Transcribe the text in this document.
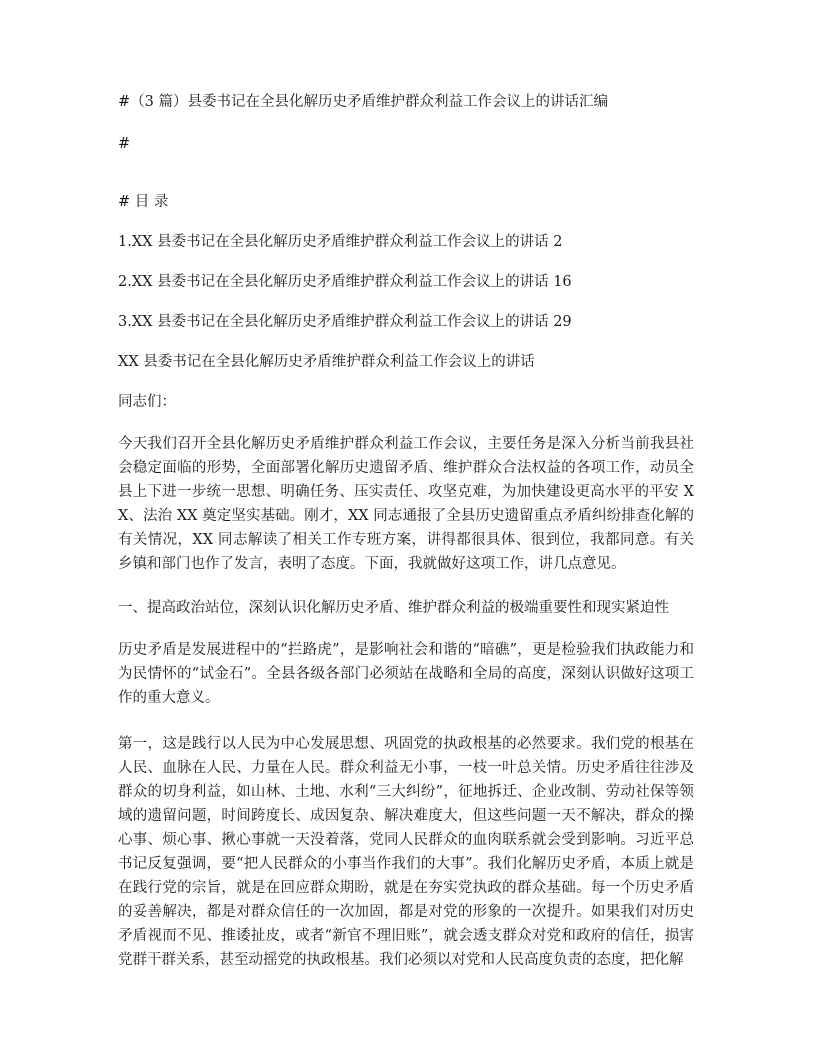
#（3 篇）县委书记在全县化解历史矛盾维护群众利益工作会议上的讲话汇编

#

# 目 录

1.XX 县委书记在全县化解历史矛盾维护群众利益工作会议上的讲话 2

2.XX 县委书记在全县化解历史矛盾维护群众利益工作会议上的讲话 16

3.XX 县委书记在全县化解历史矛盾维护群众利益工作会议上的讲话 29

XX 县委书记在全县化解历史矛盾维护群众利益工作会议上的讲话

同志们：

今天我们召开全县化解历史矛盾维护群众利益工作会议，主要任务是深入分析当前我县社会稳定面临的形势，全面部署化解历史遗留矛盾、维护群众合法权益的各项工作，动员全县上下进一步统一思想、明确任务、压实责任、攻坚克难，为加快建设更高水平的平安 XX、法治 XX 奠定坚实基础。刚才，XX 同志通报了全县历史遗留重点矛盾纠纷排查化解的有关情况，XX 同志解读了相关工作专班方案，讲得都很具体、很到位，我都同意。有关乡镇和部门也作了发言，表明了态度。下面，我就做好这项工作，讲几点意见。

一、提高政治站位，深刻认识化解历史矛盾、维护群众利益的极端重要性和现实紧迫性

历史矛盾是发展进程中的“拦路虎”，是影响社会和谐的“暗礁”，更是检验我们执政能力和为民情怀的“试金石”。全县各级各部门必须站在战略和全局的高度，深刻认识做好这项工作的重大意义。

第一，这是践行以人民为中心发展思想、巩固党的执政根基的必然要求。我们党的根基在人民、血脉在人民、力量在人民。群众利益无小事，一枝一叶总关情。历史矛盾往往涉及群众的切身利益，如山林、土地、水利“三大纠纷”，征地拆迁、企业改制、劳动社保等领域的遗留问题，时间跨度长、成因复杂、解决难度大，但这些问题一天不解决，群众的操心事、烦心事、揪心事就一天没着落，党同人民群众的血肉联系就会受到影响。习近平总书记反复强调，要“把人民群众的小事当作我们的大事”。我们化解历史矛盾，本质上就是在践行党的宗旨，就是在回应群众期盼，就是在夯实党执政的群众基础。每一个历史矛盾的妥善解决，都是对群众信任的一次加固，都是对党的形象的一次提升。如果我们对历史矛盾视而不见、推诿扯皮，或者“新官不理旧账”，就会透支群众对党和政府的信任，损害党群干群关系，甚至动摇党的执政根基。我们必须以对党和人民高度负责的态度，把化解
